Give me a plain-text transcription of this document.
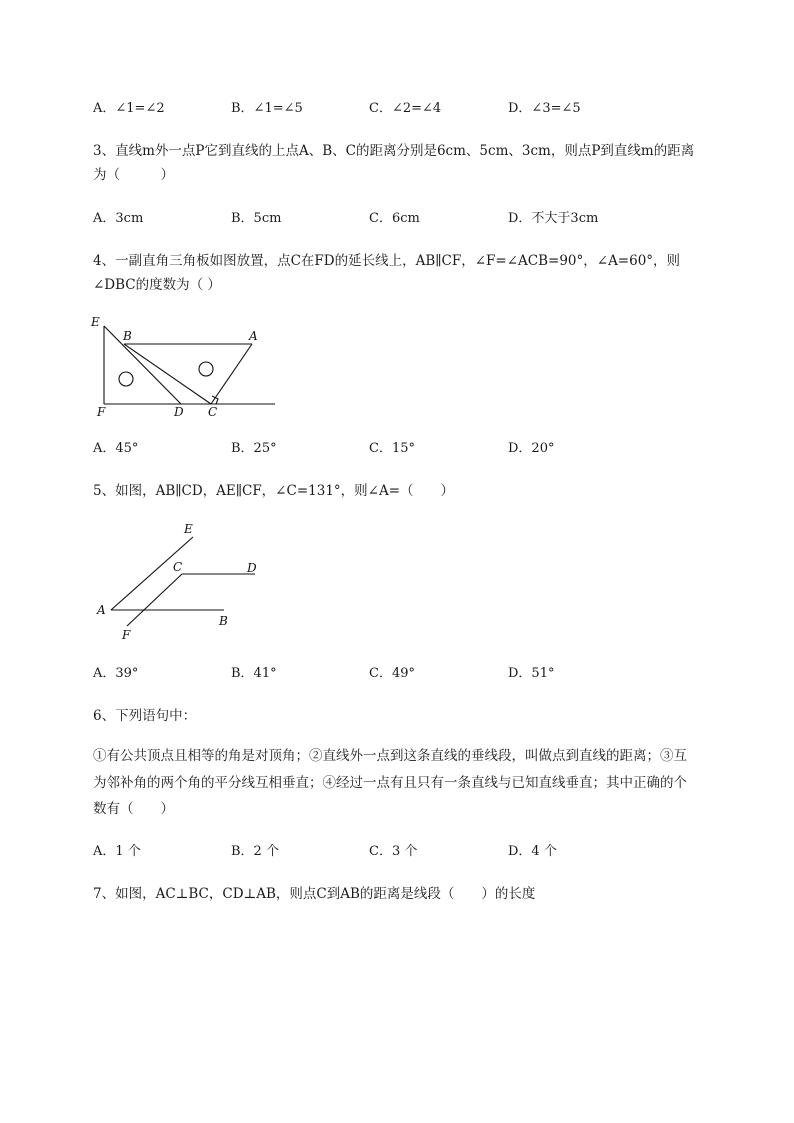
A．∠1=∠2	B．∠1=∠5	C．∠2=∠4	D．∠3=∠5
3、直线m外一点P它到直线的上点A、B、C的距离分别是6cm、5cm、3cm，则点P到直线m的距离
为（　　　）
A．3cm	B．5cm	C．6cm	D．不大于3cm
4、一副直角三角板如图放置，点C在FD的延长线上，AB∥CF，∠F=∠ACB=90°，∠A=60°，则
∠DBC的度数为（ ）
E
B	A
F	D C
A．45°	B．25°	C．15°	D．20°
5、如图，AB∥CD，AE∥CF，∠C=131°，则∠A=（　　）
E
C	D
A
F
B
A．39°	B．41°	C．49°	D．51°
6、下列语句中：
①有公共顶点且相等的角是对顶角；②直线外一点到这条直线的垂线段，叫做点到直线的距离；③互
为邻补角的两个角的平分线互相垂直；④经过一点有且只有一条直线与已知直线垂直；其中正确的个
数有（　　）
A．1 个	B．2 个	C．3 个	D．4 个
7、如图，AC⊥BC，CD⊥AB，则点C到AB的距离是线段（　　）的长度
